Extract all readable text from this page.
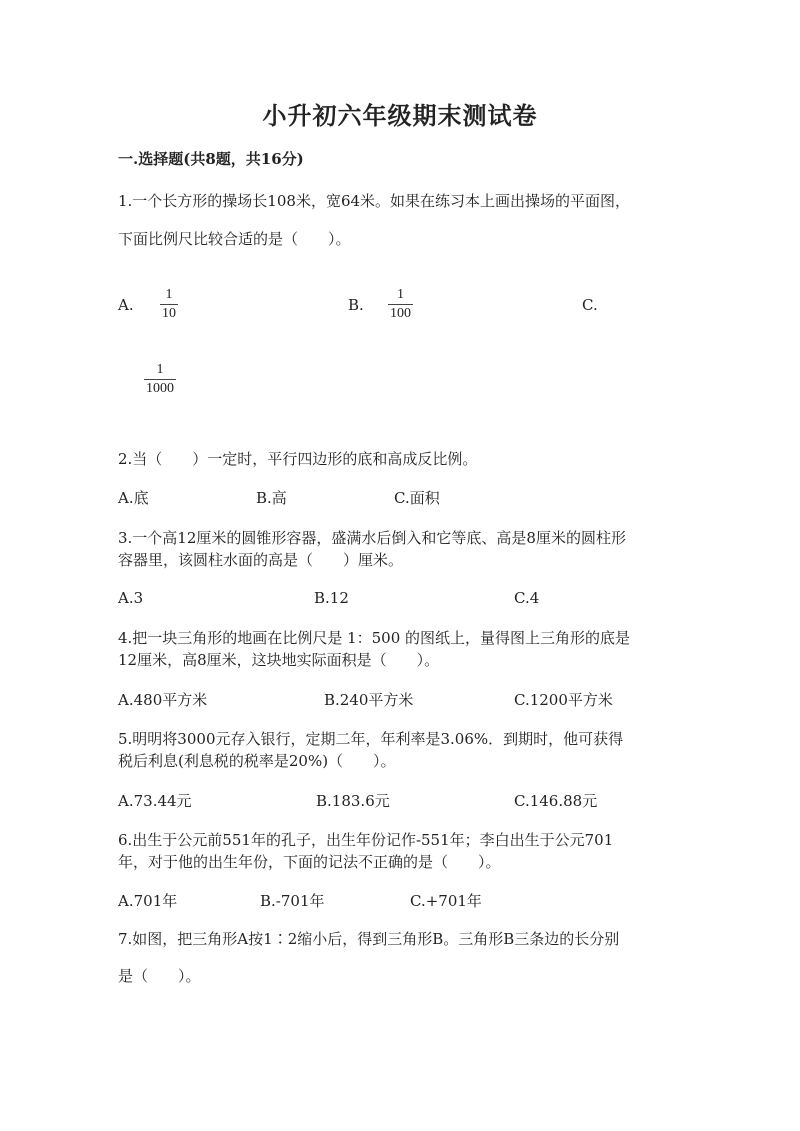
小升初六年级期末测试卷
一.选择题(共8题，共16分)
1.一个长方形的操场长108米，宽64米。如果在练习本上画出操场的平面图，
下面比例尺比较合适的是（　　）。
A.
1
10	B.
1
100	C.
1
1000
2.当（　　）一定时，平行四边形的底和高成反比例。
A.底	B.高	C.面积
3.一个高12厘米的圆锥形容器，盛满水后倒入和它等底、高是8厘米的圆柱形
容器里，该圆柱水面的高是（　　）厘米。
A.3	B.12	C.4
4.把一块三角形的地画在比例尺是 1：500 的图纸上，量得图上三角形的底是
12厘米，高8厘米，这块地实际面积是（　　）。
A.480平方米	B.240平方米	C.1200平方米
5.明明将3000元存入银行，定期二年，年利率是3.06%．到期时，他可获得
税后利息(利息税的税率是20%)（　　）。
A.73.44元	B.183.6元	C.146.88元
6.出生于公元前551年的孔子，出生年份记作-551年；李白出生于公元701
年，对于他的出生年份，下面的记法不正确的是（　　）。
A.701年	B.-701年	C.+701年
7.如图，把三角形A按1∶2缩小后，得到三角形B。三角形B三条边的长分别
是（　　）。
